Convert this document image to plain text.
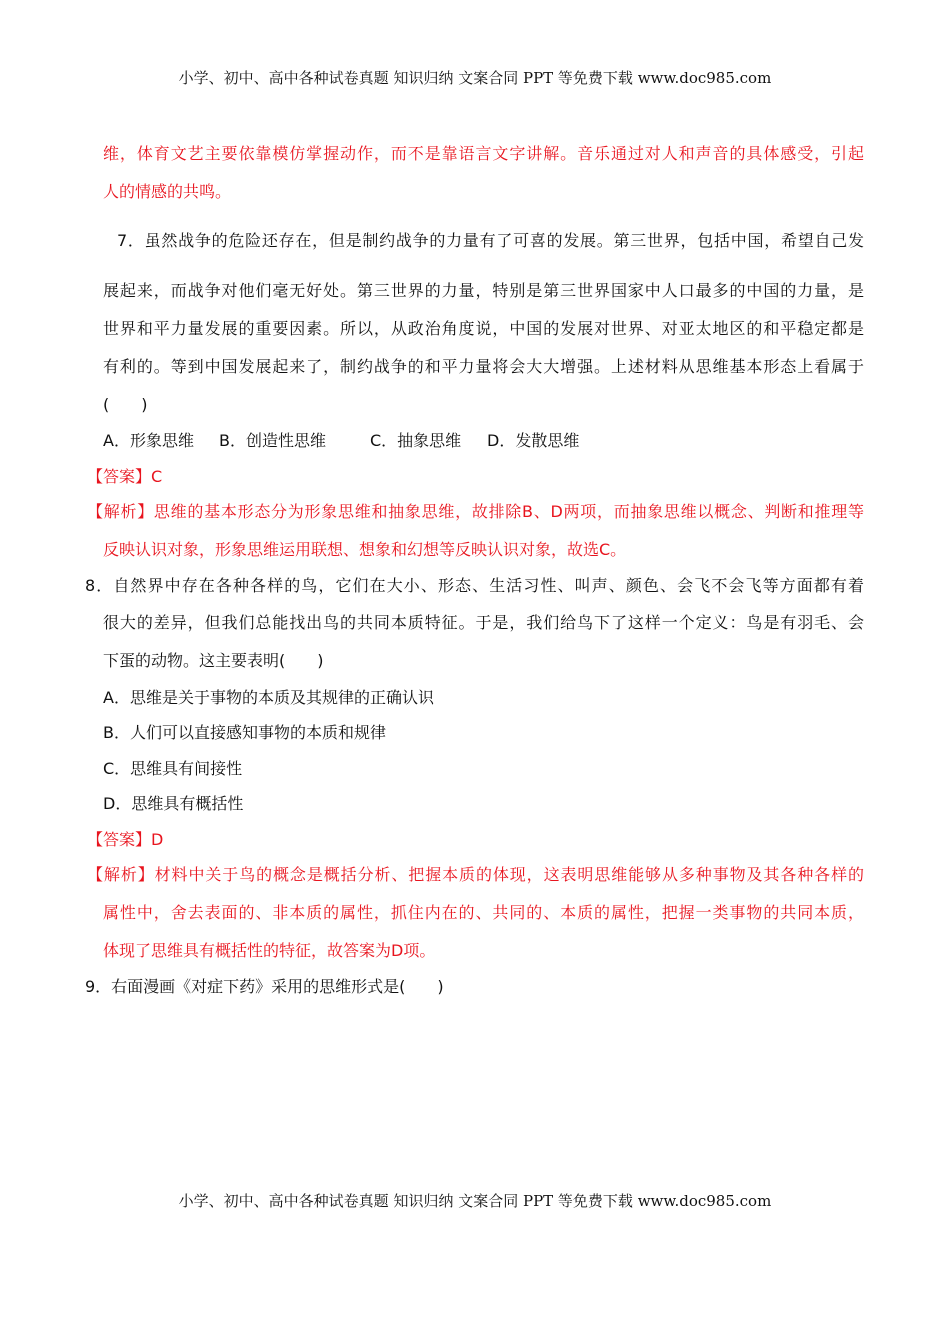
小学、初中、高中各种试卷真题 知识归纳 文案合同 PPT 等免费下载 www.doc985.com
维，体育文艺主要依靠模仿掌握动作，而不是靠语言文字讲解。音乐通过对人和声音的具体感受，引起
人的情感的共鸣。
7．虽然战争的危险还存在，但是制约战争的力量有了可喜的发展。第三世界，包括中国，希望自己发
展起来，而战争对他们毫无好处。第三世界的力量，特别是第三世界国家中人口最多的中国的力量，是
世界和平力量发展的重要因素。所以，从政治角度说，中国的发展对世界、对亚太地区的和平稳定都是
有利的。等到中国发展起来了，制约战争的和平力量将会大大增强。上述材料从思维基本形态上看属于
(　　)
A．形象思维 B．创造性思维	C．抽象思维 D．发散思维
【答案】C
【解析】思维的基本形态分为形象思维和抽象思维，故排除B、D两项，而抽象思维以概念、判断和推理等
反映认识对象，形象思维运用联想、想象和幻想等反映认识对象，故选C。
8．自然界中存在各种各样的鸟，它们在大小、形态、生活习性、叫声、颜色、会飞不会飞等方面都有着
很大的差异，但我们总能找出鸟的共同本质特征。于是，我们给鸟下了这样一个定义：鸟是有羽毛、会
下蛋的动物。这主要表明(　　)
A．思维是关于事物的本质及其规律的正确认识
B．人们可以直接感知事物的本质和规律
C．思维具有间接性
D．思维具有概括性
【答案】D
【解析】材料中关于鸟的概念是概括分析、把握本质的体现，这表明思维能够从多种事物及其各种各样的
属性中，舍去表面的、非本质的属性，抓住内在的、共同的、本质的属性，把握一类事物的共同本质，
体现了思维具有概括性的特征，故答案为D项。
9．右面漫画《对症下药》采用的思维形式是(　　)
小学、初中、高中各种试卷真题 知识归纳 文案合同 PPT 等免费下载 www.doc985.com
